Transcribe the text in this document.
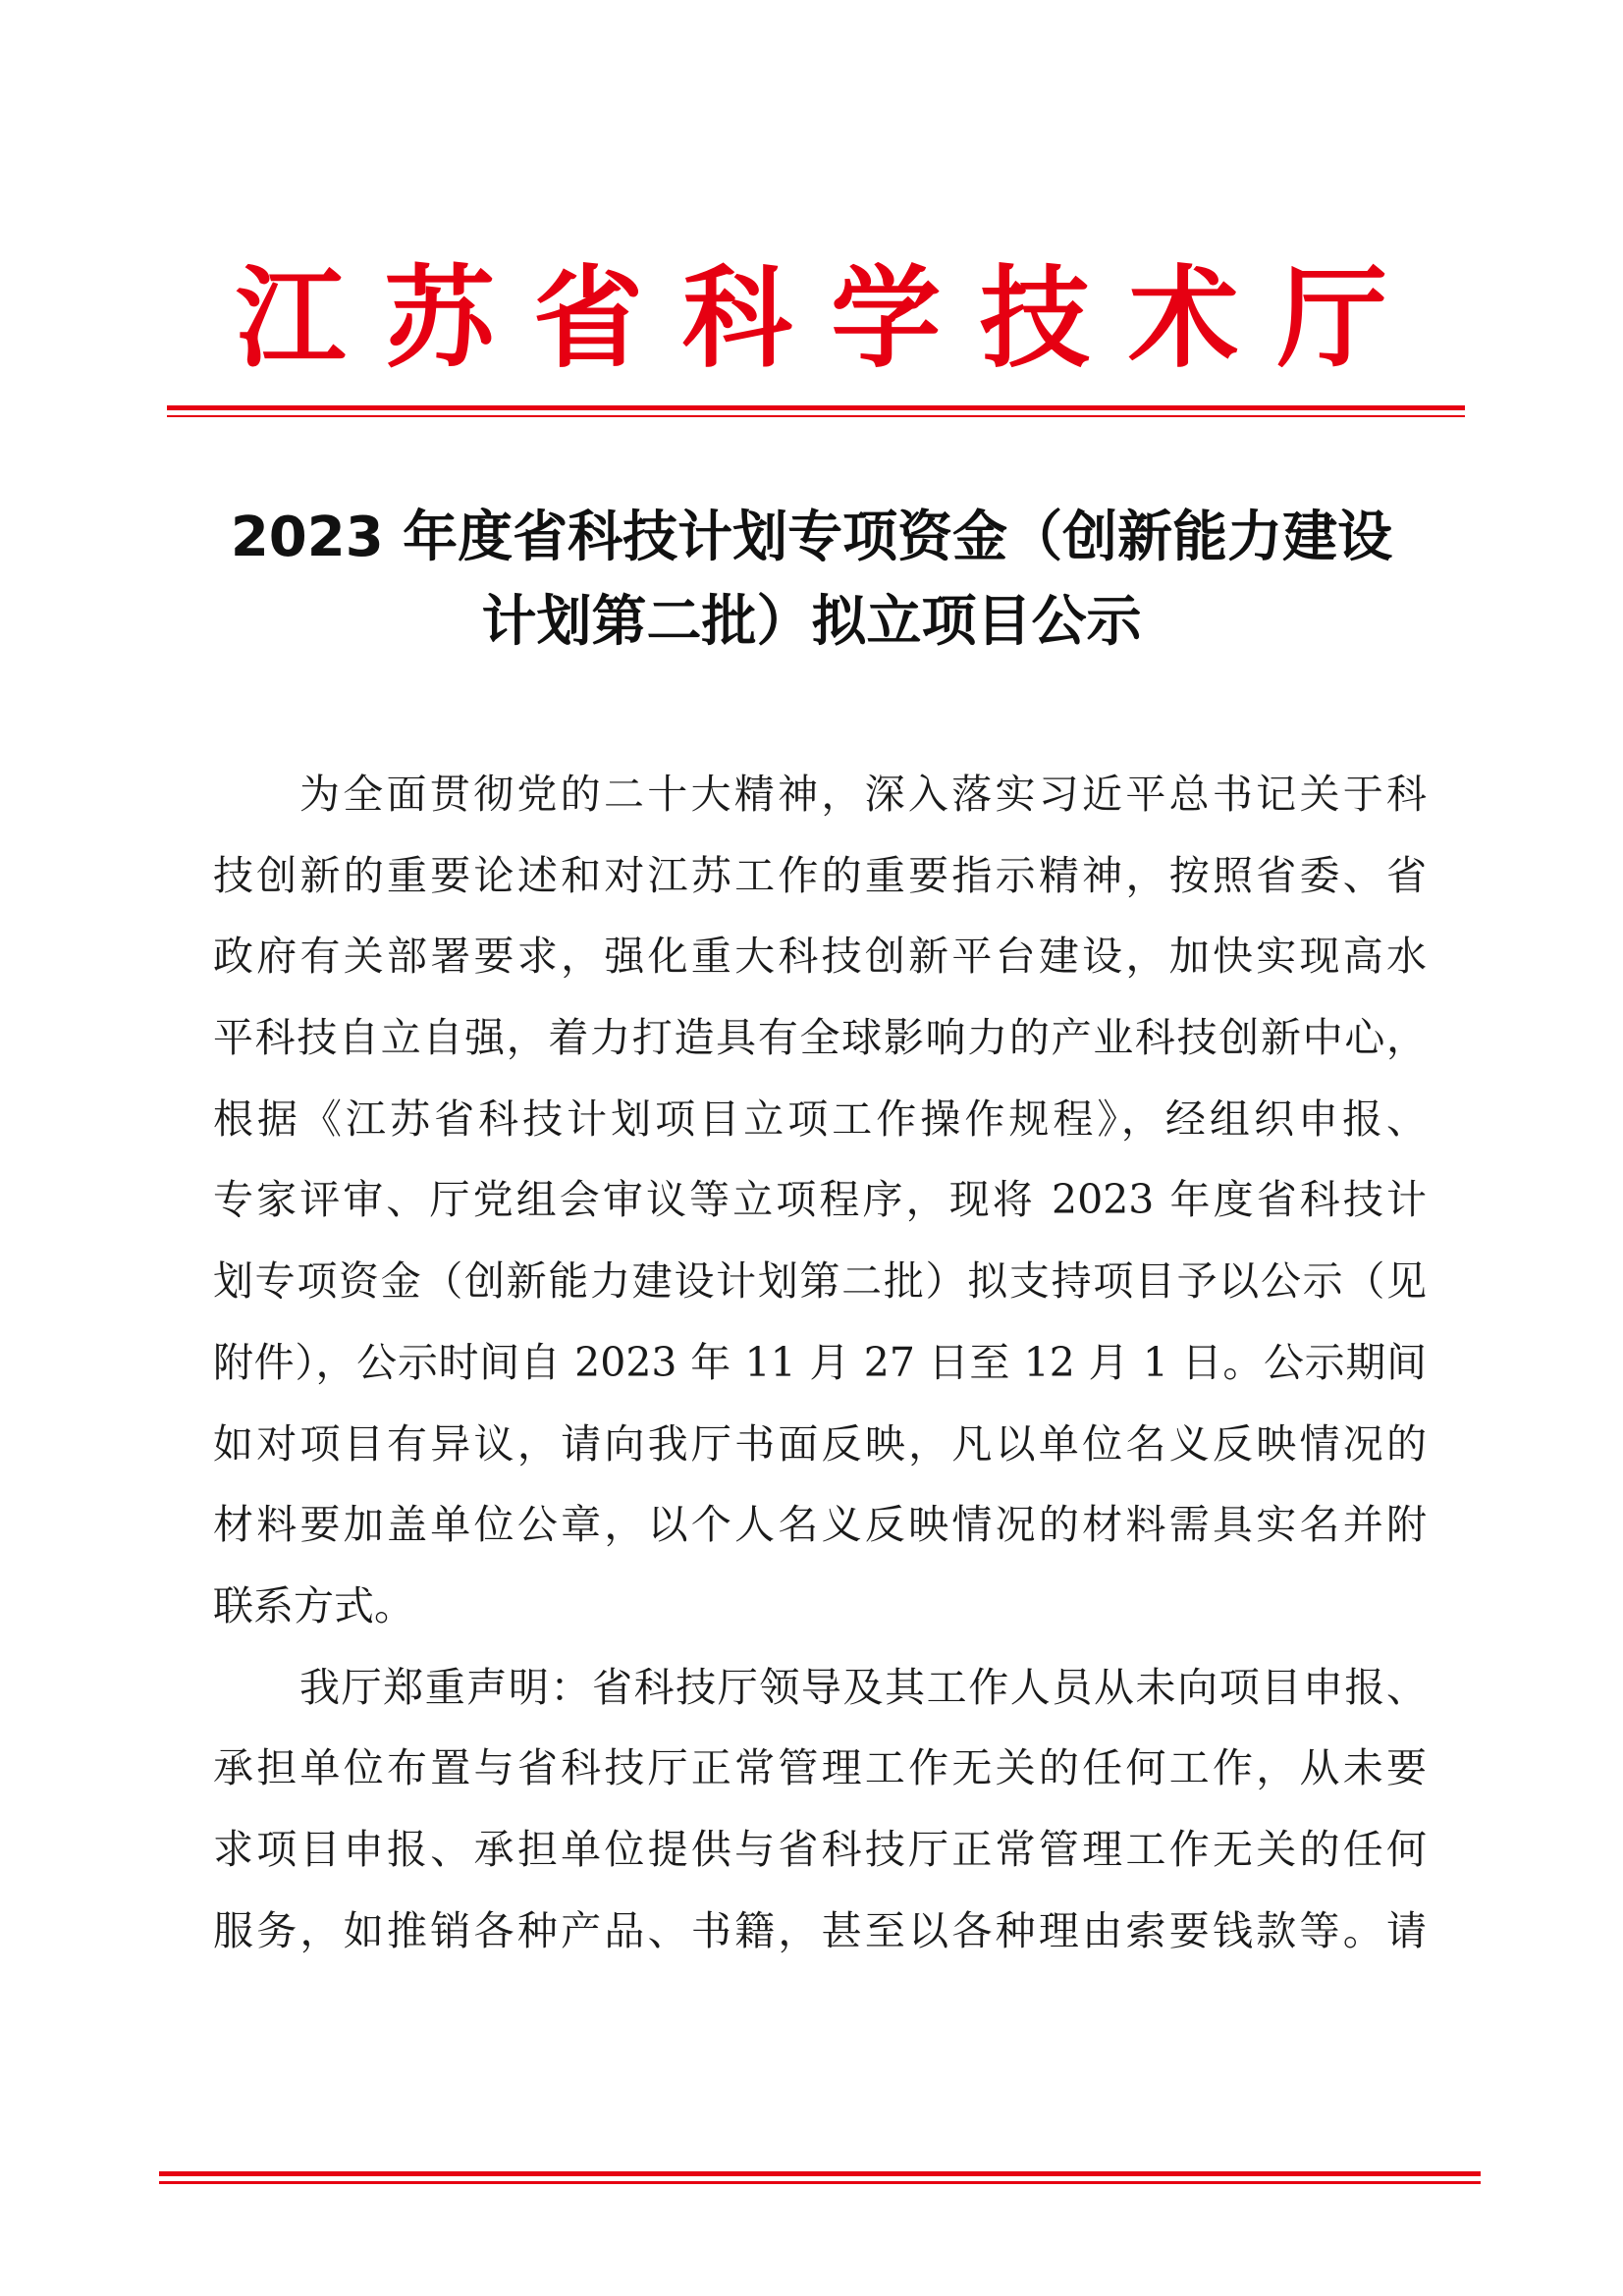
江 苏 省 科 学 技 术 厅
2023 年度省科技计划专项资金（创新能力建设
计划第二批）拟立项目公示
为全面贯彻党的二十大精神，深入落实习近平总书记关于科
技创新的重要论述和对江苏工作的重要指示精神，按照省委、省
政府有关部署要求，强化重大科技创新平台建设，加快实现高水
平科技自立自强，着力打造具有全球影响力的产业科技创新中心，
根据《江苏省科技计划项目立项工作操作规程》，经组织申报、
专家评审、厅党组会审议等立项程序，现将 2023 年度省科技计
划专项资金（创新能力建设计划第二批）拟支持项目予以公示（见
附件），公示时间自 2023 年 11 月 27 日至 12 月 1 日。公示期间
如对项目有异议，请向我厅书面反映，凡以单位名义反映情况的
材料要加盖单位公章，以个人名义反映情况的材料需具实名并附
联系方式。
我厅郑重声明：省科技厅领导及其工作人员从未向项目申报、
承担单位布置与省科技厅正常管理工作无关的任何工作，从未要
求项目申报、承担单位提供与省科技厅正常管理工作无关的任何
服务，如推销各种产品、书籍，甚至以各种理由索要钱款等。请
